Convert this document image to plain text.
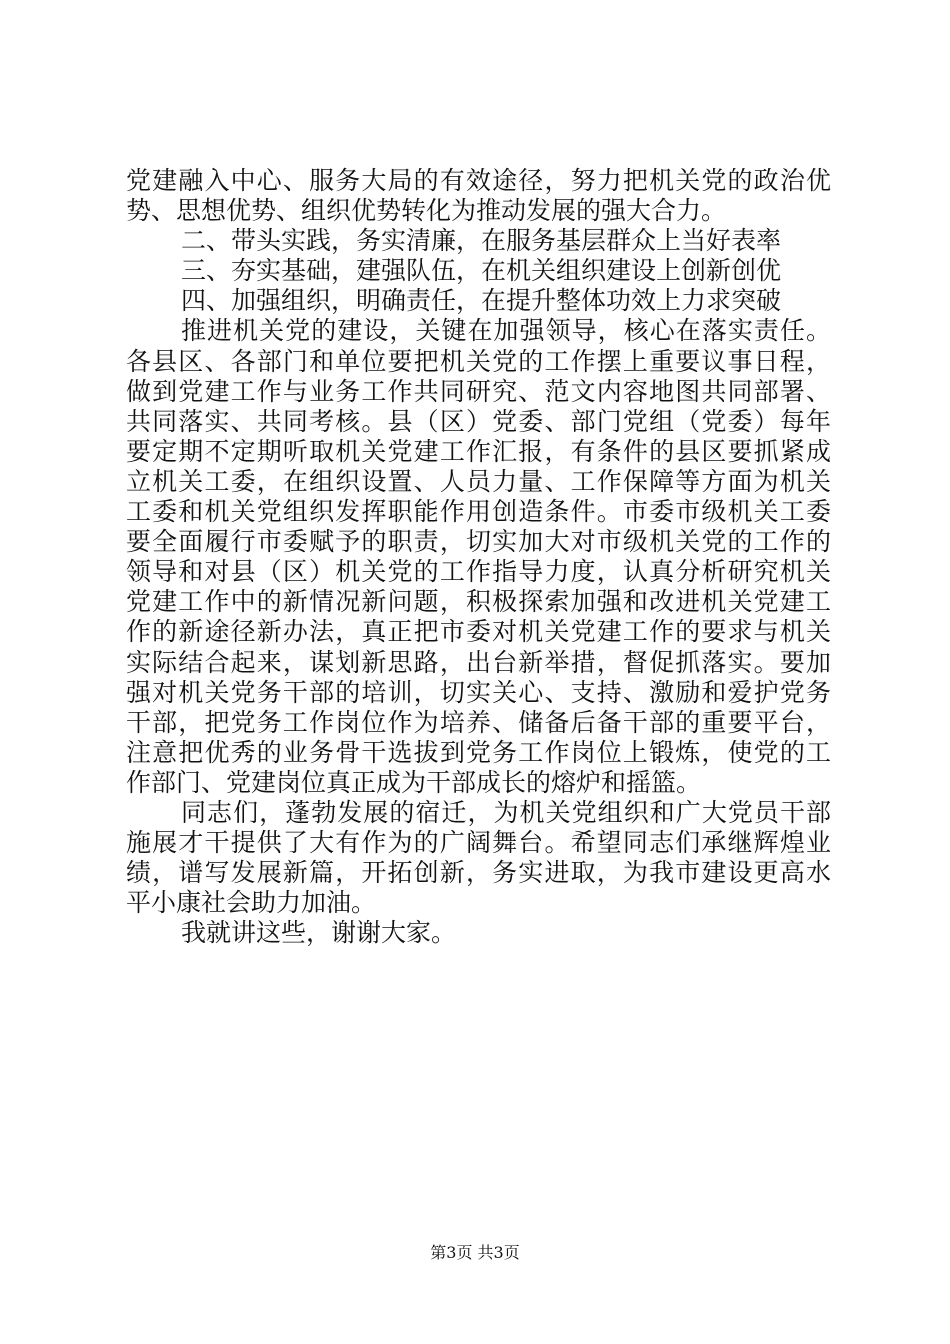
党建融入中心、服务大局的有效途径，努力把机关党的政治优
势、思想优势、组织优势转化为推动发展的强大合力。
二、带头实践，务实清廉，在服务基层群众上当好表率
三、夯实基础，建强队伍，在机关组织建设上创新创优
四、加强组织，明确责任，在提升整体功效上力求突破
推进机关党的建设，关键在加强领导，核心在落实责任。
各县区、各部门和单位要把机关党的工作摆上重要议事日程，
做到党建工作与业务工作共同研究、范文内容地图共同部署、
共同落实、共同考核。县（区）党委、部门党组（党委）每年
要定期不定期听取机关党建工作汇报，有条件的县区要抓紧成
立机关工委，在组织设置、人员力量、工作保障等方面为机关
工委和机关党组织发挥职能作用创造条件。市委市级机关工委
要全面履行市委赋予的职责，切实加大对市级机关党的工作的
领导和对县（区）机关党的工作指导力度，认真分析研究机关
党建工作中的新情况新问题，积极探索加强和改进机关党建工
作的新途径新办法，真正把市委对机关党建工作的要求与机关
实际结合起来，谋划新思路，出台新举措，督促抓落实。要加
强对机关党务干部的培训，切实关心、支持、激励和爱护党务
干部，把党务工作岗位作为培养、储备后备干部的重要平台，
注意把优秀的业务骨干选拔到党务工作岗位上锻炼，使党的工
作部门、党建岗位真正成为干部成长的熔炉和摇篮。
同志们，蓬勃发展的宿迁，为机关党组织和广大党员干部
施展才干提供了大有作为的广阔舞台。希望同志们承继辉煌业
绩，谱写发展新篇，开拓创新，务实进取，为我市建设更高水
平小康社会助力加油。
我就讲这些，谢谢大家。
第3页 共3页
